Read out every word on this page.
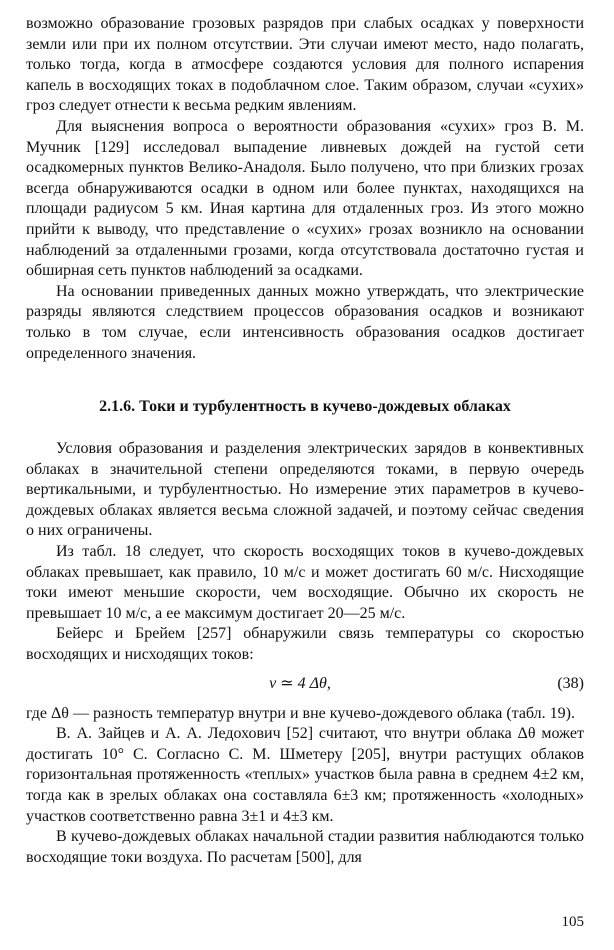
возможно образование грозовых разрядов при слабых осадках у поверхности земли или при их полном отсутствии. Эти случаи имеют место, надо полагать, только тогда, когда в атмосфере создаются условия для полного испарения капель в восходящих токах в подоблачном слое. Таким образом, случаи «сухих» гроз следует отнести к весьма редким явлениям.

Для выяснения вопроса о вероятности образования «сухих» гроз В. М. Мучник [129] исследовал выпадение ливневых дождей на густой сети осадкомерных пунктов Велико-Анадоля. Было получено, что при близких грозах всегда обнаруживаются осадки в одном или более пунктах, находящихся на площади радиусом 5 км. Иная картина для отдаленных гроз. Из этого можно прийти к выводу, что представление о «сухих» грозах возникло на основании наблюдений за отдаленными грозами, когда отсутствовала достаточно густая и обширная сеть пунктов наблюдений за осадками.

На основании приведенных данных можно утверждать, что электрические разряды являются следствием процессов образования осадков и возникают только в том случае, если интенсивность образования осадков достигает определенного значения.

2.1.6. Токи и турбулентность в кучево-дождевых облаках

Условия образования и разделения электрических зарядов в конвективных облаках в значительной степени определяются токами, в первую очередь вертикальными, и турбулентностью. Но измерение этих параметров в кучево-дождевых облаках является весьма сложной задачей, и поэтому сейчас сведения о них ограничены.

Из табл. 18 следует, что скорость восходящих токов в кучево-дождевых облаках превышает, как правило, 10 м/с и может достигать 60 м/с. Нисходящие токи имеют меньшие скорости, чем восходящие. Обычно их скорость не превышает 10 м/с, а ее максимум достигает 20—25 м/с.

Бейерс и Брейем [257] обнаружили связь температуры со скоростью восходящих и нисходящих токов:

v ≃ 4 Δθ,	(38)

где Δθ — разность температур внутри и вне кучево-дождевого облака (табл. 19).

В. А. Зайцев и А. А. Ледохович [52] считают, что внутри облака Δθ может достигать 10° С. Согласно С. М. Шметеру [205], внутри растущих облаков горизонтальная протяженность «теплых» участков была равна в среднем 4±2 км, тогда как в зрелых облаках она составляла 6±3 км; протяженность «холодных» участков соответственно равна 3±1 и 4±3 км.

В кучево-дождевых облаках начальной стадии развития наблюдаются только восходящие токи воздуха. По расчетам [500], для

105
